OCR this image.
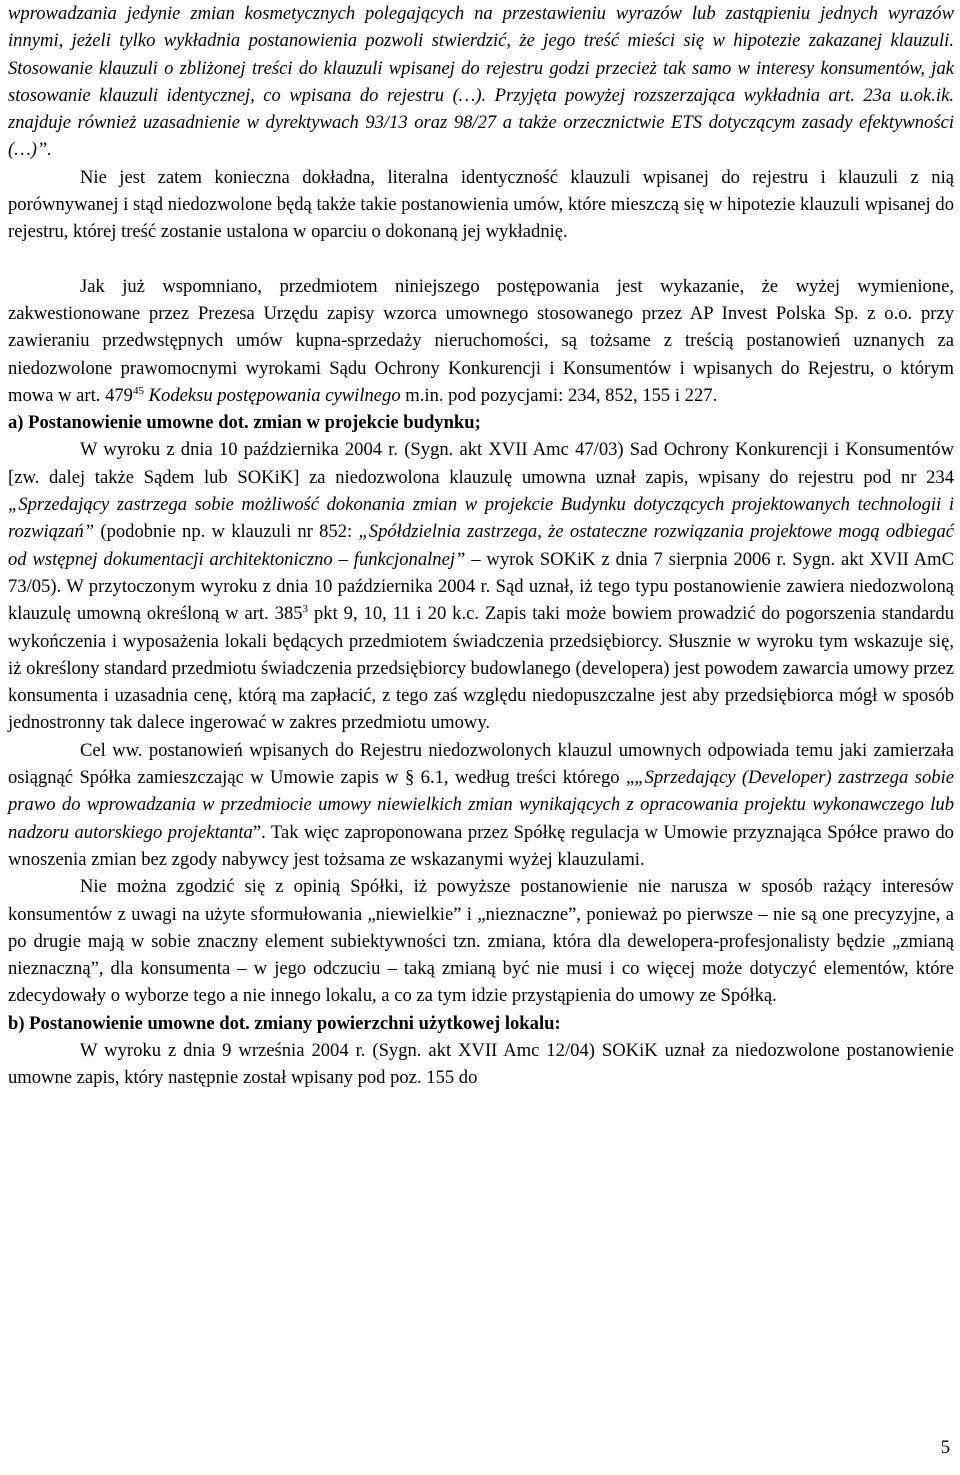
wprowadzania jedynie zmian kosmetycznych polegających na przestawieniu wyrazów lub zastąpieniu jednych wyrazów innymi, jeżeli tylko wykładnia postanowienia pozwoli stwierdzić, że jego treść mieści się w hipotezie zakazanej klauzuli. Stosowanie klauzuli o zbliżonej treści do klauzuli wpisanej do rejestru godzi przecież tak samo w interesy konsumentów, jak stosowanie klauzuli identycznej, co wpisana do rejestru (…). Przyjęta powyżej rozszerzająca wykładnia art. 23a u.ok.ik. znajduje również uzasadnienie w dyrektywach 93/13 oraz 98/27 a także orzecznictwie ETS dotyczącym zasady efektywności (…)”.

Nie jest zatem konieczna dokładna, literalna identyczność klauzuli wpisanej do rejestru i klauzuli z nią porównywanej i stąd niedozwolone będą także takie postanowienia umów, które mieszczą się w hipotezie klauzuli wpisanej do rejestru, której treść zostanie ustalona w oparciu o dokonaną jej wykładnię.

Jak już wspomniano, przedmiotem niniejszego postępowania jest wykazanie, że wyżej wymienione, zakwestionowane przez Prezesa Urzędu zapisy wzorca umownego stosowanego przez AP Invest Polska Sp. z o.o. przy zawieraniu przedwstępnych umów kupna-sprzedaży nieruchomości, są tożsame z treścią postanowień uznanych za niedozwolone prawomocnymi wyrokami Sądu Ochrony Konkurencji i Konsumentów i wpisanych do Rejestru, o którym mowa w art. $479^{45}$ Kodeksu postępowania cywilnego m.in. pod pozycjami: 234, 852, 155 i 227.

a) Postanowienie umowne dot. zmian w projekcie budynku;

W wyroku z dnia 10 października 2004 r. (Sygn. akt XVII Amc 47/03) Sad Ochrony Konkurencji i Konsumentów [zw. dalej także Sądem lub SOKiK] za niedozwolona klauzulę umowna uznał zapis, wpisany do rejestru pod nr 234 „Sprzedający zastrzega sobie możliwość dokonania zmian w projekcie Budynku dotyczących projektowanych technologii i rozwiązań” (podobnie np. w klauzuli nr 852: „Spółdzielnia zastrzega, że ostateczne rozwiązania projektowe mogą odbiegać od wstępnej dokumentacji architektoniczno – funkcjonalnej” – wyrok SOKiK z dnia 7 sierpnia 2006 r. Sygn. akt XVII AmC 73/05). W przytoczonym wyroku z dnia 10 października 2004 r. Sąd uznał, iż tego typu postanowienie zawiera niedozwoloną klauzulę umowną określoną w art. $385^3$ pkt 9, 10, 11 i 20 k.c. Zapis taki może bowiem prowadzić do pogorszenia standardu wykończenia i wyposażenia lokali będących przedmiotem świadczenia przedsiębiorcy. Słusznie w wyroku tym wskazuje się, iż określony standard przedmiotu świadczenia przedsiębiorcy budowlanego (developera) jest powodem zawarcia umowy przez konsumenta i uzasadnia cenę, którą ma zapłacić, z tego zaś względu niedopuszczalne jest aby przedsiębiorca mógł w sposób jednostronny tak dalece ingerować w zakres przedmiotu umowy.

Cel ww. postanowień wpisanych do Rejestru niedozwolonych klauzul umownych odpowiada temu jaki zamierzała osiągnąć Spółka zamieszczając w Umowie zapis w § 6.1, według treści którego „„Sprzedający (Developer) zastrzega sobie prawo do wprowadzania w przedmiocie umowy niewielkich zmian wynikających z opracowania projektu wykonawczego lub nadzoru autorskiego projektanta”. Tak więc zaproponowana przez Spółkę regulacja w Umowie przyznająca Spółce prawo do wnoszenia zmian bez zgody nabywcy jest tożsama ze wskazanymi wyżej klauzulami.

Nie można zgodzić się z opinią Spółki, iż powyższe postanowienie nie narusza w sposób rażący interesów konsumentów z uwagi na użyte sformułowania „niewielkie” i „nieznaczne”, ponieważ po pierwsze – nie są one precyzyjne, a po drugie mają w sobie znaczny element subiektywności tzn. zmiana, która dla dewelopera-profesjonalisty będzie „zmianą nieznaczną”, dla konsumenta – w jego odczuciu – taką zmianą być nie musi i co więcej może dotyczyć elementów, które zdecydowały o wyborze tego a nie innego lokalu, a co za tym idzie przystąpienia do umowy ze Spółką.

b) Postanowienie umowne dot. zmiany powierzchni użytkowej lokalu:

W wyroku z dnia 9 września 2004 r. (Sygn. akt XVII Amc 12/04) SOKiK uznał za niedozwolone postanowienie umowne zapis, który następnie został wpisany pod poz. 155 do

5
